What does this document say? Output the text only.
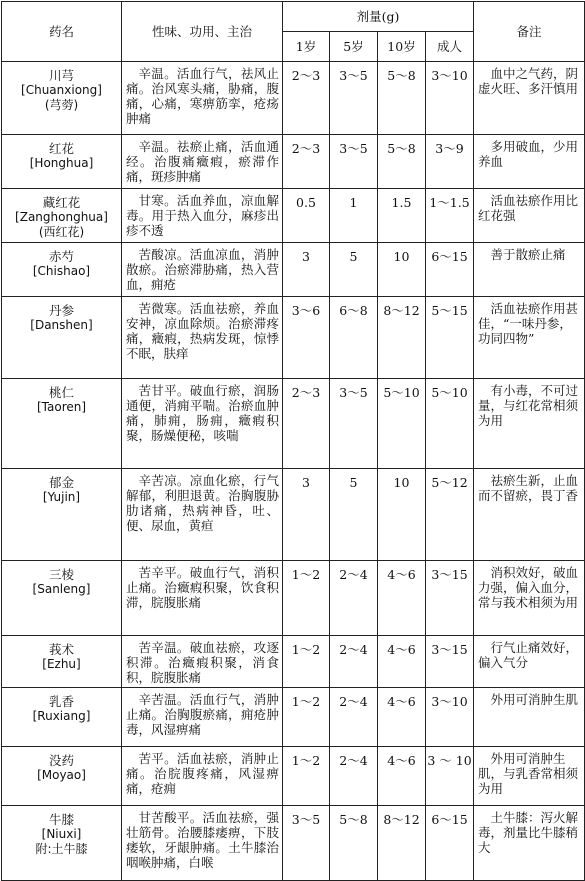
药名	性味、功用、主治	剂量(g)				备注
		1岁	5岁	10岁	成人	

川芎
[Chuanxiong]
(芎䓖)	辛温。活血行气，祛风止痛。治风寒头痛，胁痛，腹痛，心痛，寒痹筋挛，疮疡肿痛	2～3	3～5	5～8	3～10	血中之气药，阴虚火旺、多汗慎用

红花
[Honghua]	辛温。祛瘀止痛，活血通经。治腹痛癥瘕，瘀滞作痛，斑疹肿痛	2～3	3～5	5～8	3～9	多用破血，少用养血

藏红花
[Zanghonghua]
(西红花)	甘寒。活血养血，凉血解毒。用于热入血分，麻疹出疹不透	0.5	1	1.5	1～1.5	活血祛瘀作用比红花强

赤芍
[Chishao]	苦酸凉。活血凉血，消肿散瘀。治瘀滞胁痛，热入营血，痈疮	3	5	10	6～15	善于散瘀止痛

丹参
[Danshen]	苦微寒。活血祛瘀，养血安神，凉血除烦。治瘀滞疼痛，癥瘕，热病发斑，惊悸不眠，肤痒	3～6	6～8	8～12	5～15	活血祛瘀作用甚佳，“一味丹参，功同四物”

桃仁
[Taoren]	苦甘平。破血行瘀，润肠通便，消痈平喘。治瘀血肿痛，肺痈，肠痈，癥瘕积聚，肠燥便秘，咳喘	2～3	3～5	5～10	5～10	有小毒，不可过量，与红花常相须为用

郁金
[Yujin]	辛苦凉。凉血化瘀，行气解郁，利胆退黄。治胸腹胁肋诸痛，热病神昏，吐、便、尿血，黄疸	3	5	10	5～12	祛瘀生新，止血而不留瘀，畏丁香

三棱
[Sanleng]	苦辛平。破血行气，消积止痛。治癥瘕积聚，饮食积滞，脘腹胀痛	1～2	2～4	4～6	3～15	消积效好，破血力强，偏入血分，常与莪术相须为用

莪术
[Ezhu]	苦辛温。破血祛瘀，攻逐积滞。治癥瘕积聚，消食积，脘腹胀痛	1～2	2～4	4～6	3～15	行气止痛效好，偏入气分

乳香
[Ruxiang]	辛苦温。活血行气，消肿止痛。治胸腹瘀痛，痈疮肿毒，风湿痹痛	1～2	2～4	4～6	3～10	外用可消肿生肌

没药
[Moyao]	苦平。活血祛瘀，消肿止痛。治脘腹疼痛，风湿痹痛，疮痈	1～2	2～4	4～6	3 ～ 10	外用可消肿生肌，与乳香常相须为用

牛膝
[Niuxi]
附:土牛膝	甘苦酸平。活血祛瘀，强壮筋骨。治腰膝痿痹，下肢痿软，牙龈肿痛。土牛膝治咽喉肿痛，白喉	3～5	5～8	8～12	6～15	土牛膝：泻火解毒，剂量比牛膝稍大
